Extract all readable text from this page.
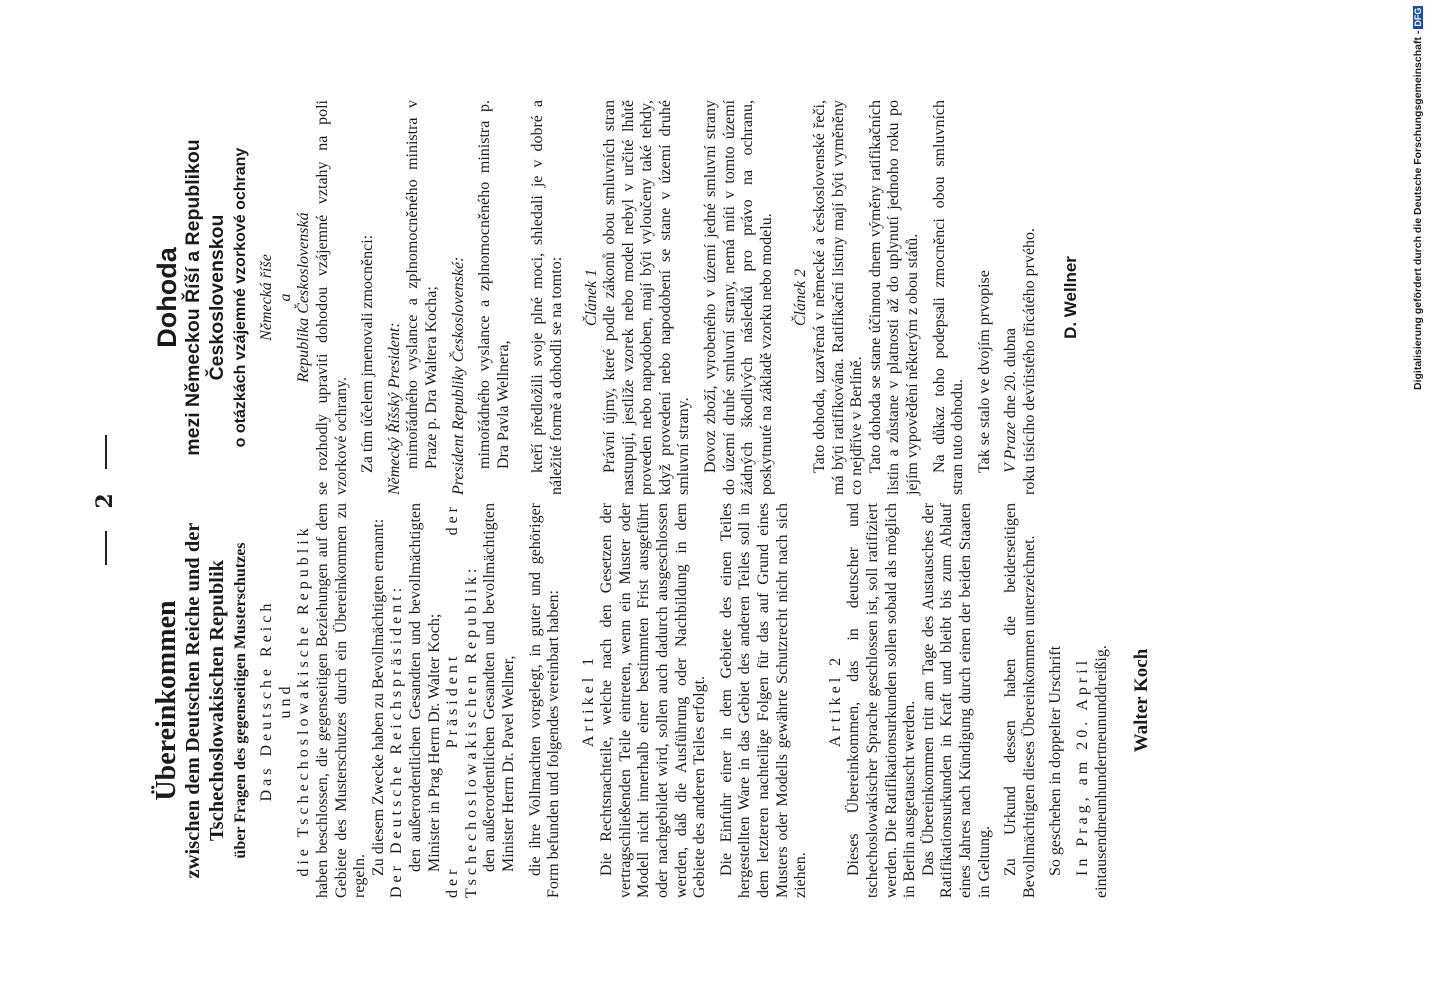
2
Übereinkommen zwischen dem Deutschen Reiche und der Tschechoslowakischen Republik über Fragen des gegenseitigen Musterschutzes Das Deutsche Reich und die Tschechoslowakische Republik haben beschlossen, die gegenseitigen Beziehungen auf dem Gebiete des Musterschutzes durch ein Übereinkommen zu regeln.
Zu diesem Zwecke haben zu Bevollmächtigten ernannt: Der Deutsche Reichspräsident: den außerordentlichen Gesandten und bevollmächtigten Minister in Prag Herrn Dr. Walter Koch; der Präsident der Tschechoslowakischen Republik: den außerordentlichen Gesandten und bevollmächtigten Minister Herrn Dr. Pavel Wellner, die ihre Vollmachten vorgelegt, in guter und gehöriger Form befunden und folgendes vereinbart haben: Artikel 1 Die Rechtsnachteile, welche nach den Gesetzen der vertragschließenden Teile eintreten, wenn ein Muster oder Modell nicht innerhalb einer bestimmten Frist ausgeführt oder nachgebildet wird, sollen auch dadurch ausgeschlossen werden, daß die Ausführung oder Nachbildung in dem Gebiete des anderen Teiles erfolgt. Die Einfuhr einer in dem Gebiete des einen Teiles hergestellten Ware in das Gebiet des anderen Teiles soll in dem letzteren nachteilige Folgen für das auf Grund eines Musters oder Modells gewährte Schutzrecht nicht nach sich ziehen.
Artikel 2 Dieses Übereinkommen, das in deutscher und tschechoslowakischer Sprache geschlossen ist, soll ratifiziert werden. Die Ratifikationsurkunden sollen sobald als möglich in Berlin ausgetauscht werden. Das Übereinkommen tritt am Tage des Austausches der Ratifikationsurkunden in Kraft und bleibt bis zum Ablauf eines Jahres nach Kündigung durch einen der beiden Staaten in Geltung. Zu Urkund dessen haben die beiderseitigen Bevollmächtigten dieses Übereinkommen unterzeichnet. So geschehen in doppelter Urschrift In Prag, am 20. April eintausendneunhundertneununddreißig. Walter Koch
Dohoda mezi Německou Říší a Republikou Československou o otázkách vzájemné vzorkové ochrany Německá říše a Republika Československá se rozhodly upraviti dohodou vzájemné vztahy na poli vzorkové ochrany. Za tím účelem jmenovali zmocněnci: Německý Říšský President: mimořádného vyslance a zplnomocněného ministra v Praze p. Dra Waltera Kocha; President Republiky Československé: mimořádného vyslance a zplnomocněného ministra p. Dra Pavla Wellnera, kteří předložili svoje plné moci, shledali je v dobré a náležité formě a dohodli se na tomto: Článek 1 Právní újmy, které podle zákonů obou smluvních stran nastupují, jestliže vzorek nebo model nebyl v určité lhůtě proveden nebo napodoben, mají býti vyloučeny také tehdy, když provedení nebo napodobení se stane v území druhé smluvní strany. Dovoz zboží, vyrobeného v území jedné smluvní strany do území druhé smluvní strany, nemá míti v tomto území žádných škodlivých následků pro právo na ochranu, poskytnuté na základě vzorku nebo modelu. Článek 2 Tato dohoda, uzavřená v německé a československé řeči, má býti ratifikována. Ratifikační listiny mají býti vyměněny co nejdříve v Berlíně. Tato dohoda se stane účinnou dnem výměny ratifikačních listin a zůstane v platnosti až do uplynutí jednoho roku po jejím vypovědění některým z obou států. Na důkaz toho podepsali zmocněnci obou smluvních stran tuto dohodu. Tak se stalo ve dvojím prvopise V Praze dne 20. dubna roku tisícího devítistého třicátého prvého. D. Wellner	Digitalisierung gefördert durch die Deutsche Forschungsgemeinschaft -DFG
